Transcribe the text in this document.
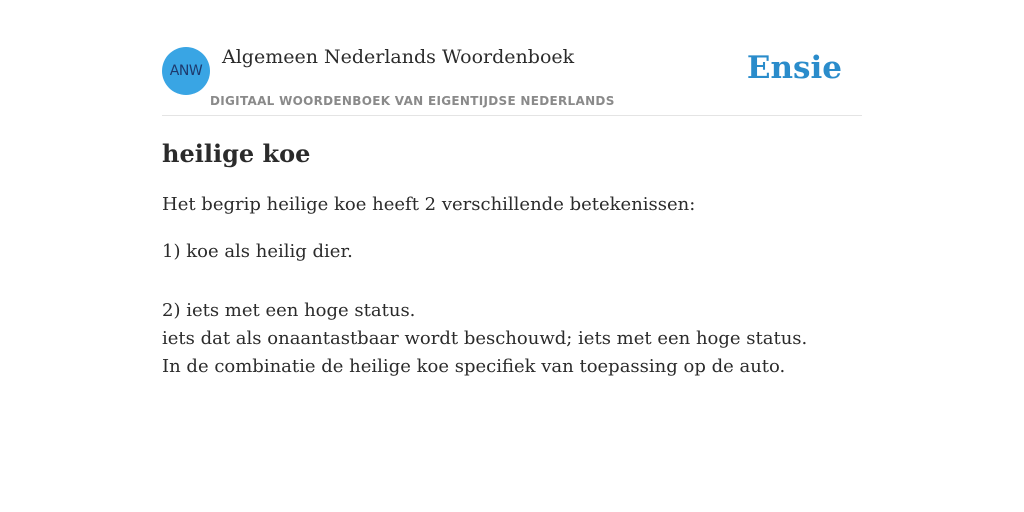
ANW
Algemeen Nederlands Woordenboek
DIGITAAL WOORDENBOEK VAN EIGENTIJDSE NEDERLANDS
Ensie
heilige koe

Het begrip heilige koe heeft 2 verschillende betekenissen:

1) koe als heilig dier.
2) iets met een hoge status.
iets dat als onaantastbaar wordt beschouwd; iets met een hoge status.
In de combinatie de heilige koe specifiek van toepassing op de auto.
